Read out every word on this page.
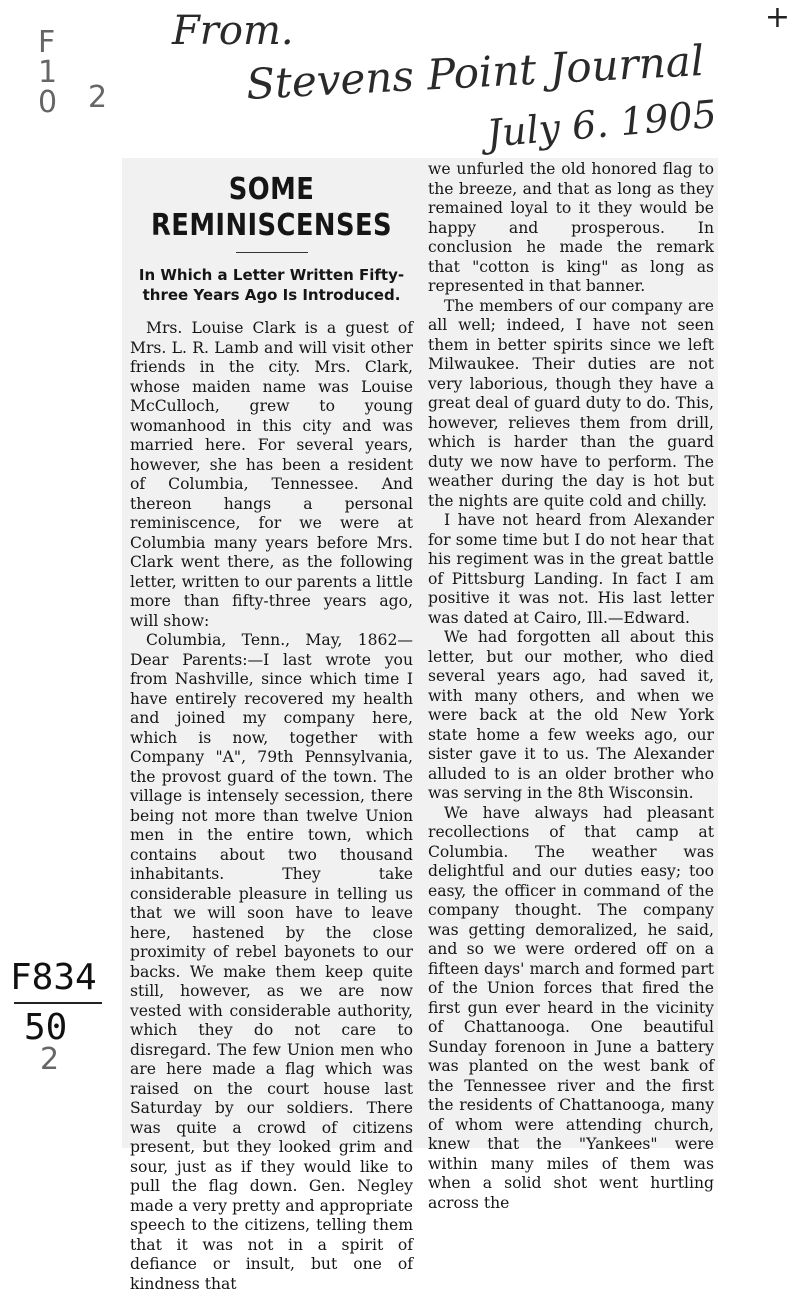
From.
Stevens Point Journal
July 6. 1905
F
1
0 2
+
F834
50
2
SOME REMINISCENSES
In Which a Letter Written Fifty-three Years Ago Is Introduced.

Mrs. Louise Clark is a guest of Mrs. L. R. Lamb and will visit other friends in the city. Mrs. Clark, whose maiden name was Louise McCulloch, grew to young womanhood in this city and was married here. For several years, however, she has been a resident of Columbia, Tennessee. And thereon hangs a personal reminiscence, for we were at Columbia many years before Mrs. Clark went there, as the following letter, written to our parents a little more than fifty-three years ago, will show:

Columbia, Tenn., May, 1862—Dear Parents:—I last wrote you from Nashville, since which time I have entirely recovered my health and joined my company here, which is now, together with Company "A", 79th Pennsylvania, the provost guard of the town. The village is intensely secession, there being not more than twelve Union men in the entire town, which contains about two thousand inhabitants. They take considerable pleasure in telling us that we will soon have to leave here, hastened by the close proximity of rebel bayonets to our backs. We make them keep quite still, however, as we are now vested with considerable authority, which they do not care to disregard. The few Union men who are here made a flag which was raised on the court house last Saturday by our soldiers. There was quite a crowd of citizens present, but they looked grim and sour, just as if they would like to pull the flag down. Gen. Negley made a very pretty and appropriate speech to the citizens, telling them that it was not in a spirit of defiance or insult, but one of kindness that

we unfurled the old honored flag to the breeze, and that as long as they remained loyal to it they would be happy and prosperous. In conclusion he made the remark that "cotton is king" as long as represented in that banner.

The members of our company are all well; indeed, I have not seen them in better spirits since we left Milwaukee. Their duties are not very laborious, though they have a great deal of guard duty to do. This, however, relieves them from drill, which is harder than the guard duty we now have to perform. The weather during the day is hot but the nights are quite cold and chilly.

I have not heard from Alexander for some time but I do not hear that his regiment was in the great battle of Pittsburg Landing. In fact I am positive it was not. His last letter was dated at Cairo, Ill.—Edward.

We had forgotten all about this letter, but our mother, who died several years ago, had saved it, with many others, and when we were back at the old New York state home a few weeks ago, our sister gave it to us. The Alexander alluded to is an older brother who was serving in the 8th Wisconsin.

We have always had pleasant recollections of that camp at Columbia. The weather was delightful and our duties easy; too easy, the officer in command of the company thought. The company was getting demoralized, he said, and so we were ordered off on a fifteen days' march and formed part of the Union forces that fired the first gun ever heard in the vicinity of Chattanooga. One beautiful Sunday forenoon in June a battery was planted on the west bank of the Tennessee river and the first the residents of Chattanooga, many of whom were attending church, knew that the "Yankees" were within many miles of them was when a solid shot went hurtling across the
